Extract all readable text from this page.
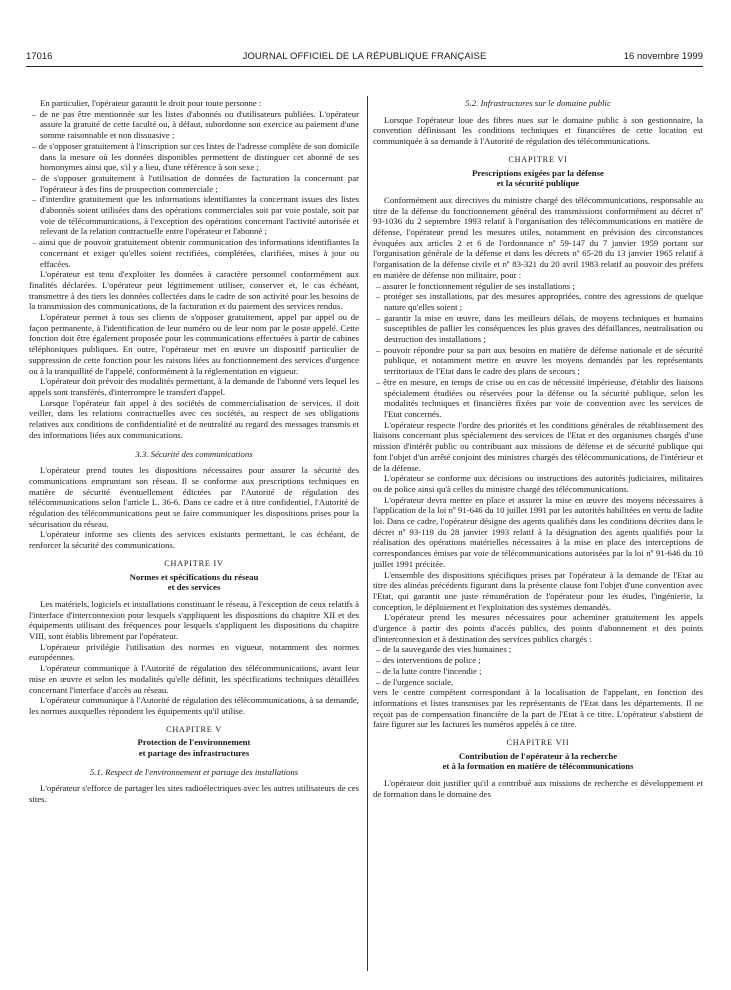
17016	JOURNAL OFFICIEL DE LA RÉPUBLIQUE FRANÇAISE	16 novembre 1999

En particulier, l'opérateur garantit le droit pour toute personne :

– de ne pas être mentionnée sur les listes d'abonnés ou d'utilisateurs publiées. L'opérateur assure la gratuité de cette faculté ou, à défaut, subordonne son exercice au paiement d'une somme raisonnable et non dissuasive ;

– de s'opposer gratuitement à l'inscription sur ces listes de l'adresse complète de son domicile dans la mesure où les données disponibles permettent de distinguer cet abonné de ses homonymes ainsi que, s'il y a lieu, d'une référence à son sexe ;

– de s'opposer gratuitement à l'utilisation de données de facturation la concernant par l'opérateur à des fins de prospection commerciale ;

– d'interdire gratuitement que les informations identifiantes la concernant issues des listes d'abonnés soient utilisées dans des opérations commerciales soit par voie postale, soit par voie de télécommunications, à l'exception des opérations concernant l'activité autorisée et relevant de la relation contractuelle entre l'opérateur et l'abonné ;

– ainsi que de pouvoir gratuitement obtenir communication des informations identifiantes la concernant et exiger qu'elles soient rectifiées, complétées, clarifiées, mises à jour ou effacées.

L'opérateur est tenu d'exploiter les données à caractère personnel conformément aux finalités déclarées. L'opérateur peut légitimement utiliser, conserver et, le cas échéant, transmettre à des tiers les données collectées dans le cadre de son activité pour les besoins de la transmission des communications, de la facturation et du paiement des services rendus.

L'opérateur permet à tous ses clients de s'opposer gratuitement, appel par appel ou de façon permanente, à l'identification de leur numéro ou de leur nom par le poste appelé. Cette fonction doit être également proposée pour les communications effectuées à partir de cabines téléphoniques publiques. En outre, l'opérateur met en œuvre un dispositif particulier de suppression de cette fonction pour les raisons liées au fonctionnement des services d'urgence ou à la tranquillité de l'appelé, conformément à la réglementation en vigueur.

L'opérateur doit prévoir des modalités permettant, à la demande de l'abonné vers lequel les appels sont transférés, d'interrompre le transfert d'appel.

Lorsque l'opérateur fait appel à des sociétés de commercialisation de services, il doit veiller, dans les relations contractuelles avec ces sociétés, au respect de ses obligations relatives aux conditions de confidentialité et de neutralité au regard des messages transmis et des informations liées aux communications.

3.3. Sécurité des communications

L'opérateur prend toutes les dispositions nécessaires pour assurer la sécurité des communications empruntant son réseau. Il se conforme aux prescriptions techniques en matière de sécurité éventuellement édictées par l'Autorité de régulation des télécommunications selon l'article L. 36-6. Dans ce cadre et à titre confidentiel, l'Autorité de régulation des télécommunications peut se faire communiquer les dispositions prises pour la sécurisation du réseau.

L'opérateur informe ses clients des services existants permettant, le cas échéant, de renforcer la sécurité des communications.

CHAPITRE IV

Normes et spécifications du réseau
et des services

Les matériels, logiciels et installations constituant le réseau, à l'exception de ceux relatifs à l'interface d'interconnexion pour lesquels s'appliquent les dispositions du chapitre XII et des équipements utilisant des fréquences pour lesquels s'appliquent les dispositions du chapitre VIII, sont établis librement par l'opérateur.

L'opérateur privilégie l'utilisation des normes en vigueur, notamment des normes européennes.

L'opérateur communique à l'Autorité de régulation des télécommunications, avant leur mise en œuvre et selon les modalités qu'elle définit, les spécifications techniques détaillées concernant l'interface d'accès au réseau.

L'opérateur communique à l'Autorité de régulation des télécommunications, à sa demande, les normes auxquelles répondent les équipements qu'il utilise.

CHAPITRE V

Protection de l'environnement
et partage des infrastructures

5.1. Respect de l'environnement et partage des installations

L'opérateur s'efforce de partager les sites radioélectriques avec les autres utilisateurs de ces sites.

5.2. Infrastructures sur le domaine public

Lorsque l'opérateur loue des fibres nues sur le domaine public à son gestionnaire, la convention définissant les conditions techniques et financières de cette location est communiquée à sa demande à l'Autorité de régulation des télécommunications.

CHAPITRE VI

Prescriptions exigées par la défense
et la sécurité publique

Conformément aux directives du ministre chargé des télécommunications, responsable au titre de la défense du fonctionnement général des transmissions conformément au décret nº 93-1036 du 2 septembre 1993 relatif à l'organisation des télécommunications en matière de défense, l'opérateur prend les mesures utiles, notamment en prévision des circonstances évoquées aux articles 2 et 6 de l'ordonnance nº 59-147 du 7 janvier 1959 portant sur l'organisation générale de la défense et dans les décrets nº 65-28 du 13 janvier 1965 relatif à l'organisation de la défense civile et nº 83-321 du 20 avril 1983 relatif au pouvoir des préfets en matière de défense non militaire, pour :

– assurer le fonctionnement régulier de ses installations ;

– protéger ses installations, par des mesures appropriées, contre des agressions de quelque nature qu'elles soient ;

– garantir la mise en œuvre, dans les meilleurs délais, de moyens techniques et humains susceptibles de pallier les conséquences les plus graves des défaillances, neutralisation ou destruction des installations ;

– pouvoir répondre pour sa part aux besoins en matière de défense nationale et de sécurité publique, et notamment mettre en œuvre les moyens demandés par les représentants territoriaux de l'Etat dans le cadre des plans de secours ;

– être en mesure, en temps de crise ou en cas de nécessité impérieuse, d'établir des liaisons spécialement étudiées ou réservées pour la défense ou la sécurité publique, selon les modalités techniques et financières fixées par voie de convention avec les services de l'Etat concernés.

L'opérateur respecte l'ordre des priorités et les conditions générales de rétablissement des liaisons concernant plus spécialement des services de l'Etat et des organismes chargés d'une mission d'intérêt public ou contribuant aux missions de défense et de sécurité publique qui font l'objet d'un arrêté conjoint des ministres chargés des télécommunications, de l'intérieur et de la défense.

L'opérateur se conforme aux décisions ou instructions des autorités judiciaires, militaires ou de police ainsi qu'à celles du ministre chargé des télécommunications.

L'opérateur devra mettre en place et assurer la mise en œuvre des moyens nécessaires à l'application de la loi nº 91-646 du 10 juillet 1991 par les autorités habilitées en vertu de ladite loi. Dans ce cadre, l'opérateur désigne des agents qualifiés dans les conditions décrites dans le décret nº 93-119 du 28 janvier 1993 relatif à la désignation des agents qualifiés pour la réalisation des opérations matérielles nécessaires à la mise en place des interceptions de correspondances émises par voie de télécommunications autorisées par la loi nº 91-646 du 10 juillet 1991 précitée.

L'ensemble des dispositions spécifiques prises par l'opérateur à la demande de l'Etat au titre des alinéas précédents figurant dans la présente clause font l'objet d'une convention avec l'Etat, qui garantit une juste rémunération de l'opérateur pour les études, l'ingénierie, la conception, le déploiement et l'exploitation des systèmes demandés.

L'opérateur prend les mesures nécessaires pour acheminer gratuitement les appels d'urgence à partir des points d'accès publics, des points d'abonnement et des points d'interconnexion et à destination des services publics chargés :

– de la sauvegarde des vies humaines ;

– des interventions de police ;

– de la lutte contre l'incendie ;

– de l'urgence sociale,

vers le centre compétent correspondant à la localisation de l'appelant, en fonction des informations et listes transmises par les représentants de l'Etat dans les départements. Il ne reçoit pas de compensation financière de la part de l'Etat à ce titre. L'opérateur s'abstient de faire figurer sur les factures les numéros appelés à ce titre.

CHAPITRE VII

Contribution de l'opérateur à la recherche
et à la formation en matière de télécommunications

L'opérateur doit justifier qu'il a contribué aux missions de recherche et développement et de formation dans le domaine des
